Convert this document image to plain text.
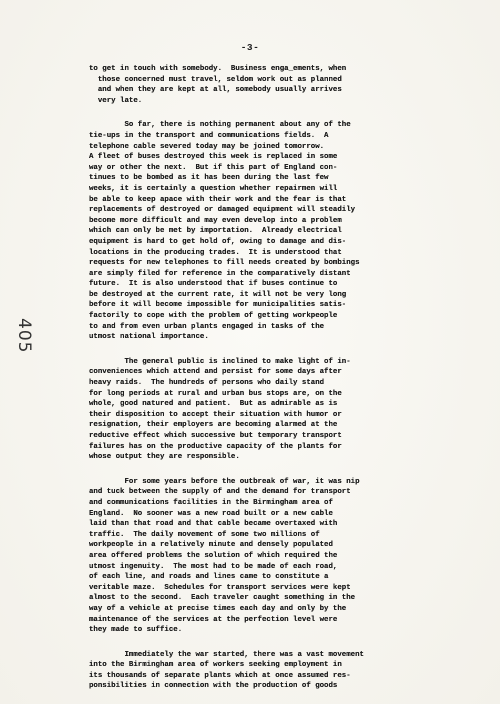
-3-
405

to get in touch with somebody.  Business enga_ements, when
those concerned must travel, seldom work out as planned
and when they are kept at all, somebody usually arrives
very late.

So far, there is nothing permanent about any of the
tie-ups in the transport and communications fields.  A
telephone cable severed today may be joined tomorrow.
A fleet of buses destroyed this week is replaced in some
way or other the next.  But if this part of England con-
tinues to be bombed as it has been during the last few
weeks, it is certainly a question whether repairmen will
be able to keep apace with their work and the fear is that
replacements of destroyed or damaged equipment will steadily
become more difficult and may even develop into a problem
which can only be met by importation.  Already electrical
equipment is hard to get hold of, owing to damage and dis-
locations in the producing trades.  It is understood that
requests for new telephones to fill needs created by bombings
are simply filed for reference in the comparatively distant
future.  It is also understood that if buses continue to
be destroyed at the current rate, it will not be very long
before it will become impossible for municipalities satis-
factorily to cope with the problem of getting workpeople
to and from even urban plants engaged in tasks of the
utmost national importance.

The general public is inclined to make light of in-
conveniences which attend and persist for some days after
heavy raids.  The hundreds of persons who daily stand
for long periods at rural and urban bus stops are, on the
whole, good natured and patient.  But as admirable as is
their disposition to accept their situation with humor or
resignation, their employers are becoming alarmed at the
reductive effect which successive but temporary transport
failures has on the productive capacity of the plants for
whose output they are responsible.

For some years before the outbreak of war, it was nip
and tuck between the supply of and the demand for transport
and communications facilities in the Birmingham area of
England.  No sooner was a new road built or a new cable
laid than that road and that cable became overtaxed with
traffic.  The daily movement of some two millions of
workpeople in a relatively minute and densely populated
area offered problems the solution of which required the
utmost ingenuity.  The most had to be made of each road,
of each line, and roads and lines came to constitute a
veritable maze.  Schedules for transport services were kept
almost to the second.  Each traveler caught something in the
way of a vehicle at precise times each day and only by the
maintenance of the services at the perfection level were
they made to suffice.

Immediately the war started, there was a vast movement
into the Birmingham area of workers seeking employment in
its thousands of separate plants which at once assumed res-
ponsibilities in connection with the production of goods
